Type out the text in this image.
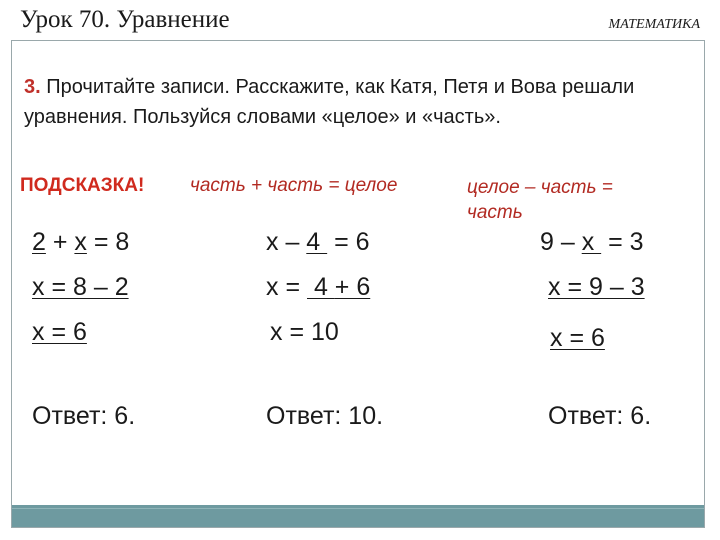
Урок 70. Уравнение	МАТЕМАТИКА
3. Прочитайте записи. Расскажите, как Катя, Петя и Вова решали уравнения. Пользуйся словами «целое» и «часть».
ПОДСКАЗКА! часть + часть = целое	целое – часть = часть
2 + х = 8
х = 8 – 2
х = 6
Ответ: 6.
х – 4  = 6
х =  4 + 6
х = 10
Ответ: 10.
9 – х  = 3
х = 9 – 3
х = 6
Ответ: 6.
